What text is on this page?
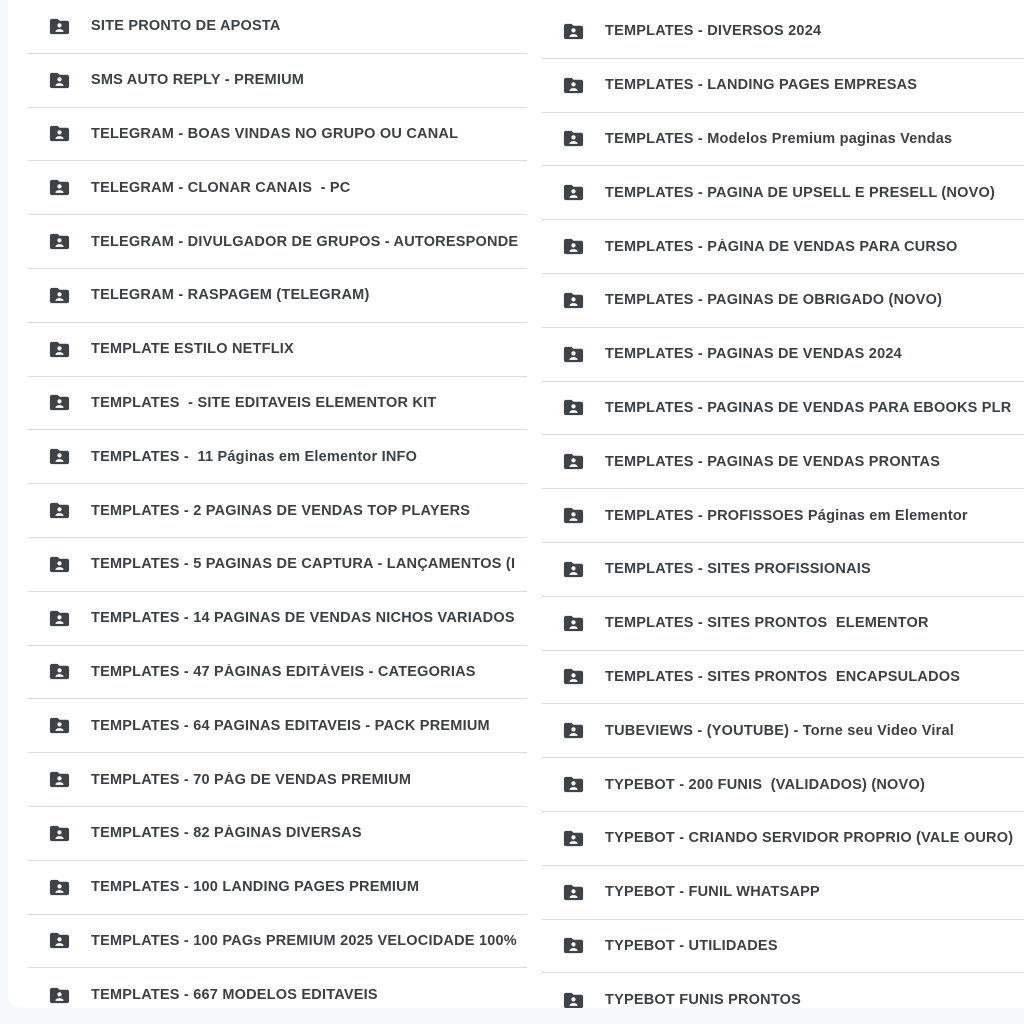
SITE PRONTO DE APOSTA
SMS AUTO REPLY - PREMIUM
TELEGRAM - BOAS VINDAS NO GRUPO OU CANAL
TELEGRAM - CLONAR CANAIS  - PC
TELEGRAM - DIVULGADOR DE GRUPOS - AUTORESPONDE
TELEGRAM - RASPAGEM (TELEGRAM)
TEMPLATE ESTILO NETFLIX
TEMPLATES  - SITE EDITAVEIS ELEMENTOR KIT
TEMPLATES -  11 Páginas em Elementor INFO
TEMPLATES - 2 PAGINAS DE VENDAS TOP PLAYERS
TEMPLATES - 5 PAGINAS DE CAPTURA - LANÇAMENTOS (I
TEMPLATES - 14 PAGINAS DE VENDAS NICHOS VARIADOS
TEMPLATES - 47 PÁGINAS EDITÁVEIS - CATEGORIAS
TEMPLATES - 64 PAGINAS EDITAVEIS - PACK PREMIUM
TEMPLATES - 70 PÁG DE VENDAS PREMIUM
TEMPLATES - 82 PÁGINAS DIVERSAS
TEMPLATES - 100 LANDING PAGES PREMIUM
TEMPLATES - 100 PAGs PREMIUM 2025 VELOCIDADE 100%
TEMPLATES - 667 MODELOS EDITAVEIS
TEMPLATES - DIVERSOS 2024
TEMPLATES - LANDING PAGES EMPRESAS
TEMPLATES - Modelos Premium paginas Vendas
TEMPLATES - PAGINA DE UPSELL E PRESELL (NOVO)
TEMPLATES - PÁGINA DE VENDAS PARA CURSO
TEMPLATES - PAGINAS DE OBRIGADO (NOVO)
TEMPLATES - PAGINAS DE VENDAS 2024
TEMPLATES - PAGINAS DE VENDAS PARA EBOOKS PLR
TEMPLATES - PAGINAS DE VENDAS PRONTAS
TEMPLATES - PROFISSOES Páginas em Elementor
TEMPLATES - SITES PROFISSIONAIS
TEMPLATES - SITES PRONTOS  ELEMENTOR
TEMPLATES - SITES PRONTOS  ENCAPSULADOS
TUBEVIEWS - (YOUTUBE) - Torne seu Video Viral
TYPEBOT - 200 FUNIS  (VALIDADOS) (NOVO)
TYPEBOT - CRIANDO SERVIDOR PROPRIO (VALE OURO)
TYPEBOT - FUNIL WHATSAPP
TYPEBOT - UTILIDADES
TYPEBOT FUNIS PRONTOS
